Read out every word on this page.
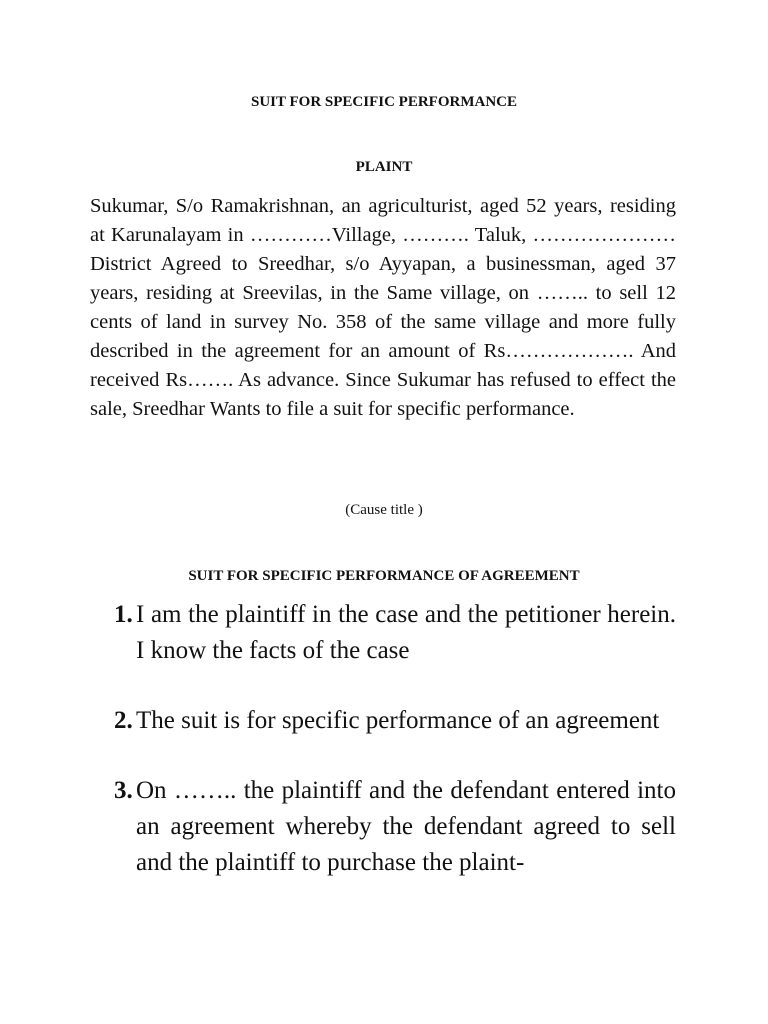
SUIT FOR SPECIFIC PERFORMANCE
PLAINT

Sukumar, S/o Ramakrishnan, an agriculturist, aged 52 years, residing at Karunalayam in …………Village, ………. Taluk, ………………… District Agreed to Sreedhar, s/o Ayyapan, a businessman, aged 37 years, residing at Sreevilas, in the Same village, on …….. to sell 12 cents of land in survey No. 358 of the same village and more fully described in the agreement for an amount of Rs………………. And received Rs……. As advance. Since Sukumar has refused to effect the sale, Sreedhar Wants to file a suit for specific performance.

(Cause title )

SUIT FOR SPECIFIC PERFORMANCE OF AGREEMENT
1. I am the plaintiff in the case and the petitioner herein. I know the facts of the case
2. The suit is for specific performance of an agreement
3. On …….. the plaintiff and the defendant entered into an agreement whereby the defendant agreed to sell and the plaintiff to purchase the plaint-
